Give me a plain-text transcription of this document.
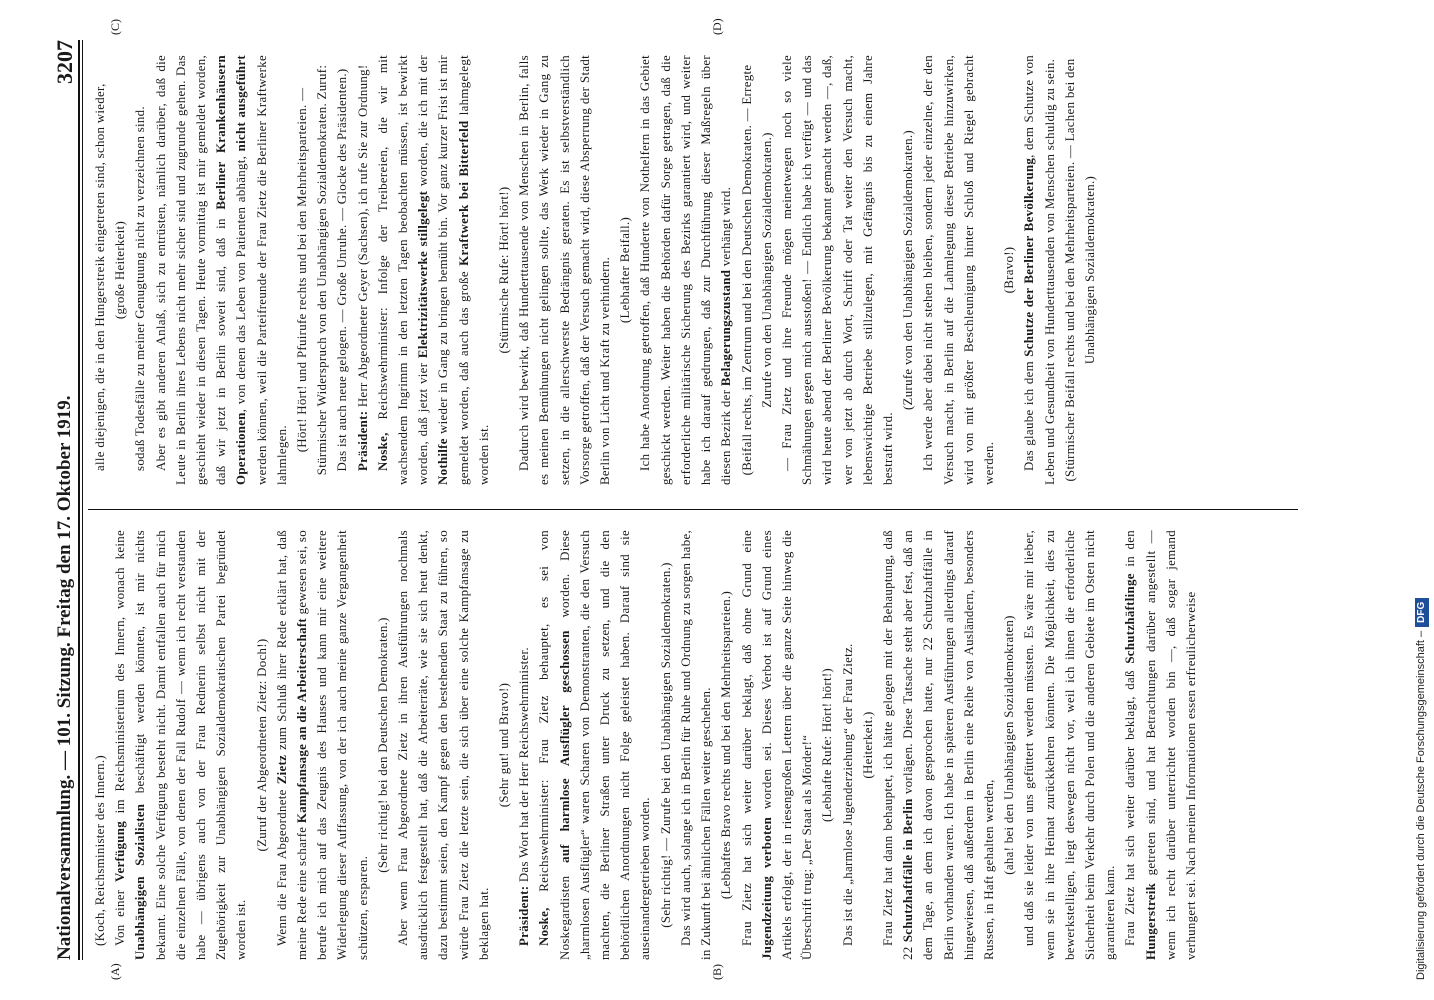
Nationalversammlung. — 101. Sitzung. Freitag den 17. Oktober 1919.
3207
(A)	(B)
(C)	(D)

(Koch, Reichsminister des Innern.) Von einer Verfügung im Reichsministerium des Innern, wonach keine Unabhängigen Sozialisten beschäftigt werden könnten, ist mir nichts bekannt. Eine solche Verfügung besteht nicht. Damit entfallen auch für mich die einzelnen Fälle, von denen der Fall Rudolf — wenn ich recht verstanden habe — übrigens auch von der Frau Rednerin selbst nicht mit der Zugehörigkeit zur Unabhängigen Sozialdemokratischen Partei begründet worden ist.

(Zuruf der Abgeordneten Zietz: Doch!)

Wenn die Frau Abgeordnete Zietz zum Schluß ihrer Rede erklärt hat, daß meine Rede eine scharfe Kampfansage an die Arbeiterschaft gewesen sei, so berufe ich mich auf das Zeugnis des Hauses und kann mir eine weitere Widerlegung dieser Auffassung, von der ich auch meine ganze Vergangenheit schützen, ersparen.

(Sehr richtig! bei den Deutschen Demokraten.) Aber wenn Frau Abgeordnete Zietz in ihren Ausführungen nochmals ausdrücklich festgestellt hat, daß die Arbeiterräte, wie sie sich heut denkt, dazu bestimmt seien, den Kampf gegen den bestehenden Staat zu führen, so würde Frau Zietz die letzte sein, die sich über eine solche Kampfansage zu beklagen hat.

(Sehr gut! und Bravo!)

Präsident: Das Wort hat der Herr Reichswehrminister.

Noske, Reichswehrminister: Frau Zietz behauptet, es sei von Noskegardisten auf harmlose Ausflügler geschossen worden. Diese „harmlosen Ausflügler“ waren Scharen von Demonstranten, die den Versuch machten, die Berliner Straßen unter Druck zu setzen, und die den behördlichen Anordnungen nicht Folge geleistet haben. Darauf sind sie auseinandergetrieben worden. (Sehr richtig! — Zurufe bei den Unabhängigen Sozialdemokraten.) Das wird auch, solange ich in Berlin für Ruhe und Ordnung zu sorgen habe, in Zukunft bei ähnlichen Fällen weiter geschehen. (Lebhaftes Bravo rechts und bei den Mehrheitsparteien.) Frau Zietz hat sich weiter darüber beklagt, daß ohne Grund eine Jugendzeitung verboten worden sei. Dieses Verbot ist auf Grund eines Artikels erfolgt, der in riesengroßen Lettern über die ganze Seite hinweg die Überschrift trug: „Der Staat als Mörder!“ (Lebhafte Rufe: Hört! hört!) Das ist die „harmlose Jugenderziehung“ der Frau Zietz. (Heiterkeit.) Frau Zietz hat dann behauptet, ich hätte gelogen mit der Behauptung, daß 22 Schutzhaftfälle in Berlin vorlägen. Diese Tatsache steht aber fest, daß an dem Tage, an dem ich davon gesprochen hatte, nur 22 Schutzhaftfälle in Berlin vorhanden waren. Ich habe in späteren Ausführungen allerdings darauf hingewiesen, daß außerdem in Berlin eine Reihe von Ausländern, besonders Russen, in Haft gehalten werden, (aha! bei den Unabhängigen Sozialdemokraten) und daß sie leider von uns gefüttert werden müssten. Es wäre mir lieber, wenn sie in ihre Heimat zurückkehren könnten. Die Möglichkeit, dies zu bewerkstelligen, liegt deswegen nicht vor, weil ich ihnen die erforderliche Sicherheit beim Verkehr durch Polen und die anderen Gebiete im Osten nicht garantieren kann. Frau Zietz hat sich weiter darüber beklagt, daß Schutzhäftlinge in den Hungerstreik getreten sind, und hat Betrachtungen darüber angestellt — wenn ich recht darüber unterrichtet worden bin —, daß sogar jemand verhungert sei. Nach meinen Informationen essen erfreulicherweise

alle diejenigen, die in den Hungerstreik eingetreten sind, schon wieder, (große Heiterkeit) sodaß Todesfälle zu meiner Genugtuung nicht zu verzeichnen sind. Aber es gibt anderen Anlaß, sich zu entrüsten, nämlich darüber, daß die Leute in Berlin ihres Lebens nicht mehr sicher sind und zugrunde gehen. Das geschieht wieder in diesen Tagen. Heute vormittag ist mir gemeldet worden, daß wir jetzt in Berlin soweit sind, daß in Berliner Krankenhäusern Operationen, von denen das Leben von Patienten abhängt, nicht ausgeführt werden können, weil die Parteifreunde der Frau Zietz die Berliner Kraftwerke lahmlegen.

(Hört! Hört! und Pfuirufe rechts und bei den Mehrheitsparteien. — Stürmischer Widerspruch von den Unabhängigen Sozialdemokraten. Zuruf: Das ist auch neue gelogen. — Große Unruhe. — Glocke des Präsidenten.) Präsident: Herr Abgeordneter Geyer (Sachsen), ich rufe Sie zur Ordnung!

Noske, Reichswehrminister: Infolge der Treibereien, die wir mit wachsendem Ingrimm in den letzten Tagen beobachten müssen, ist bewirkt worden, daß jetzt vier Elektrizitätswerke stillgelegt worden, die ich mit der Nothilfe wieder in Gang zu bringen bemüht bin. Vor ganz kurzer Frist ist mir gemeldet worden, daß auch das große Kraftwerk bei Bitterfeld lahmgelegt worden ist.

(Stürmische Rufe: Hört! hört!) Dadurch wird bewirkt, daß Hunderttausende von Menschen in Berlin, falls es meinen Bemühungen nicht gelingen sollte, das Werk wieder in Gang zu setzen, in die allerschwerste Bedrängnis geraten. Es ist selbstverständlich Vorsorge getroffen, daß der Versuch gemacht wird, diese Absperrung der Stadt Berlin von Licht und Kraft zu verhindern. (Lebhafter Beifall.) Ich habe Anordnung getroffen, daß Hunderte von Nothelfern in das Gebiet geschickt werden. Weiter haben die Behörden dafür Sorge getragen, daß die erforderliche militärische Sicherung des Bezirks garantiert wird, und weiter habe ich darauf gedrungen, daß zur Durchführung dieser Maßregeln über diesen Bezirk der Belagerungszustand verhängt wird. (Beifall rechts, im Zentrum und bei den Deutschen Demokraten. — Erregte Zurufe von den Unabhängigen Sozialdemokraten.) — Frau Zietz und ihre Freunde mögen meinetwegen noch so viele Schmähungen gegen mich ausstoßen! — Endlich habe ich verfügt — und das wird heute abend der Berliner Bevölkerung bekannt gemacht werden —, daß, wer von jetzt ab durch Wort, Schrift oder Tat weiter den Versuch macht, lebenswichtige Betriebe stillzulegen, mit Gefängnis bis zu einem Jahre bestraft wird.

(Zurufe von den Unabhängigen Sozialdemokraten.) Ich werde aber dabei nicht stehen bleiben, sondern jeder einzelne, der den Versuch macht, in Berlin auf die Lahmlegung dieser Betriebe hinzuwirken, wird von mit größter Beschleunigung hinter Schloß und Riegel gebracht werden.

(Bravo!)

Das glaube ich dem Schutze der Berliner Bevölkerung, dem Schutze von Leben und Gesundheit von Hunderttausenden von Menschen schuldig zu sein. (Stürmischer Beifall rechts und bei den Mehrheitsparteien. — Lachen bei den Unabhängigen Sozialdemokraten.)

Digitalisierung gefördert durch die Deutsche Forschungsgemeinschaft –DFG
